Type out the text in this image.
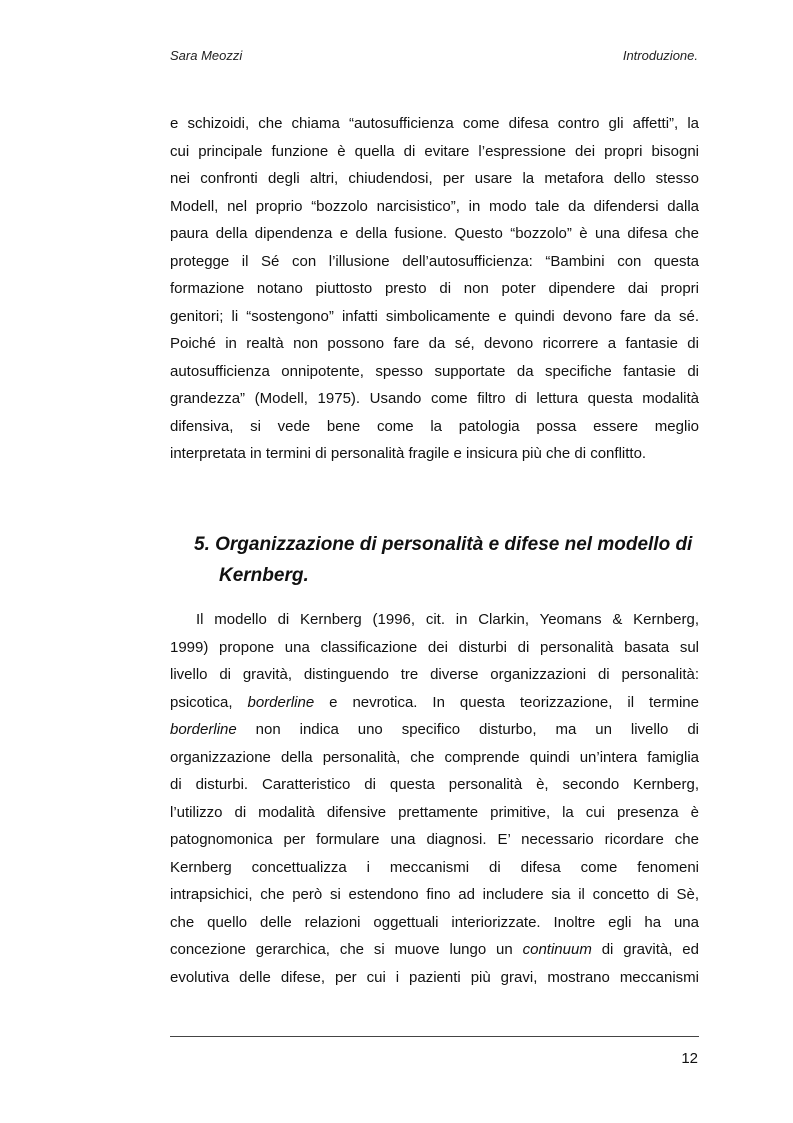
Sara Meozzi	Introduzione.
e schizoidi, che chiama “autosufficienza come difesa contro gli affetti”, la
cui principale funzione è quella di evitare l’espressione dei propri bisogni
nei confronti degli altri, chiudendosi, per usare la metafora dello stesso
Modell, nel proprio “bozzolo narcisistico”, in modo tale da difendersi dalla
paura della dipendenza e della fusione. Questo “bozzolo” è una difesa che
protegge il Sé con l’illusione dell’autosufficienza: “Bambini con questa
formazione notano piuttosto presto di non poter dipendere dai propri
genitori; li “sostengono” infatti simbolicamente e quindi devono fare da sé.
Poiché in realtà non possono fare da sé, devono ricorrere a fantasie di
autosufficienza onnipotente, spesso supportate da specifiche fantasie di
grandezza” (Modell, 1975). Usando come filtro di lettura questa modalità
difensiva, si vede bene come la patologia possa essere meglio
interpretata in termini di personalità fragile e insicura più che di conflitto.
5. Organizzazione di personalità e difese nel modello di
Kernberg.
Il modello di Kernberg (1996, cit. in Clarkin, Yeomans & Kernberg,
1999) propone una classificazione dei disturbi di personalità basata sul
livello di gravità, distinguendo tre diverse organizzazioni di personalità:
psicotica, borderline e nevrotica. In questa teorizzazione, il termine
borderline non indica uno specifico disturbo, ma un livello di
organizzazione della personalità, che comprende quindi un’intera famiglia
di disturbi. Caratteristico di questa personalità è, secondo Kernberg,
l’utilizzo di modalità difensive prettamente primitive, la cui presenza è
patognomonica per formulare una diagnosi. E’ necessario ricordare che
Kernberg concettualizza i meccanismi di difesa come fenomeni
intrapsichici, che però si estendono fino ad includere sia il concetto di Sè,
che quello delle relazioni oggettuali interiorizzate. Inoltre egli ha una
concezione gerarchica, che si muove lungo un continuum di gravità, ed
evolutiva delle difese, per cui i pazienti più gravi, mostrano meccanismi
12
